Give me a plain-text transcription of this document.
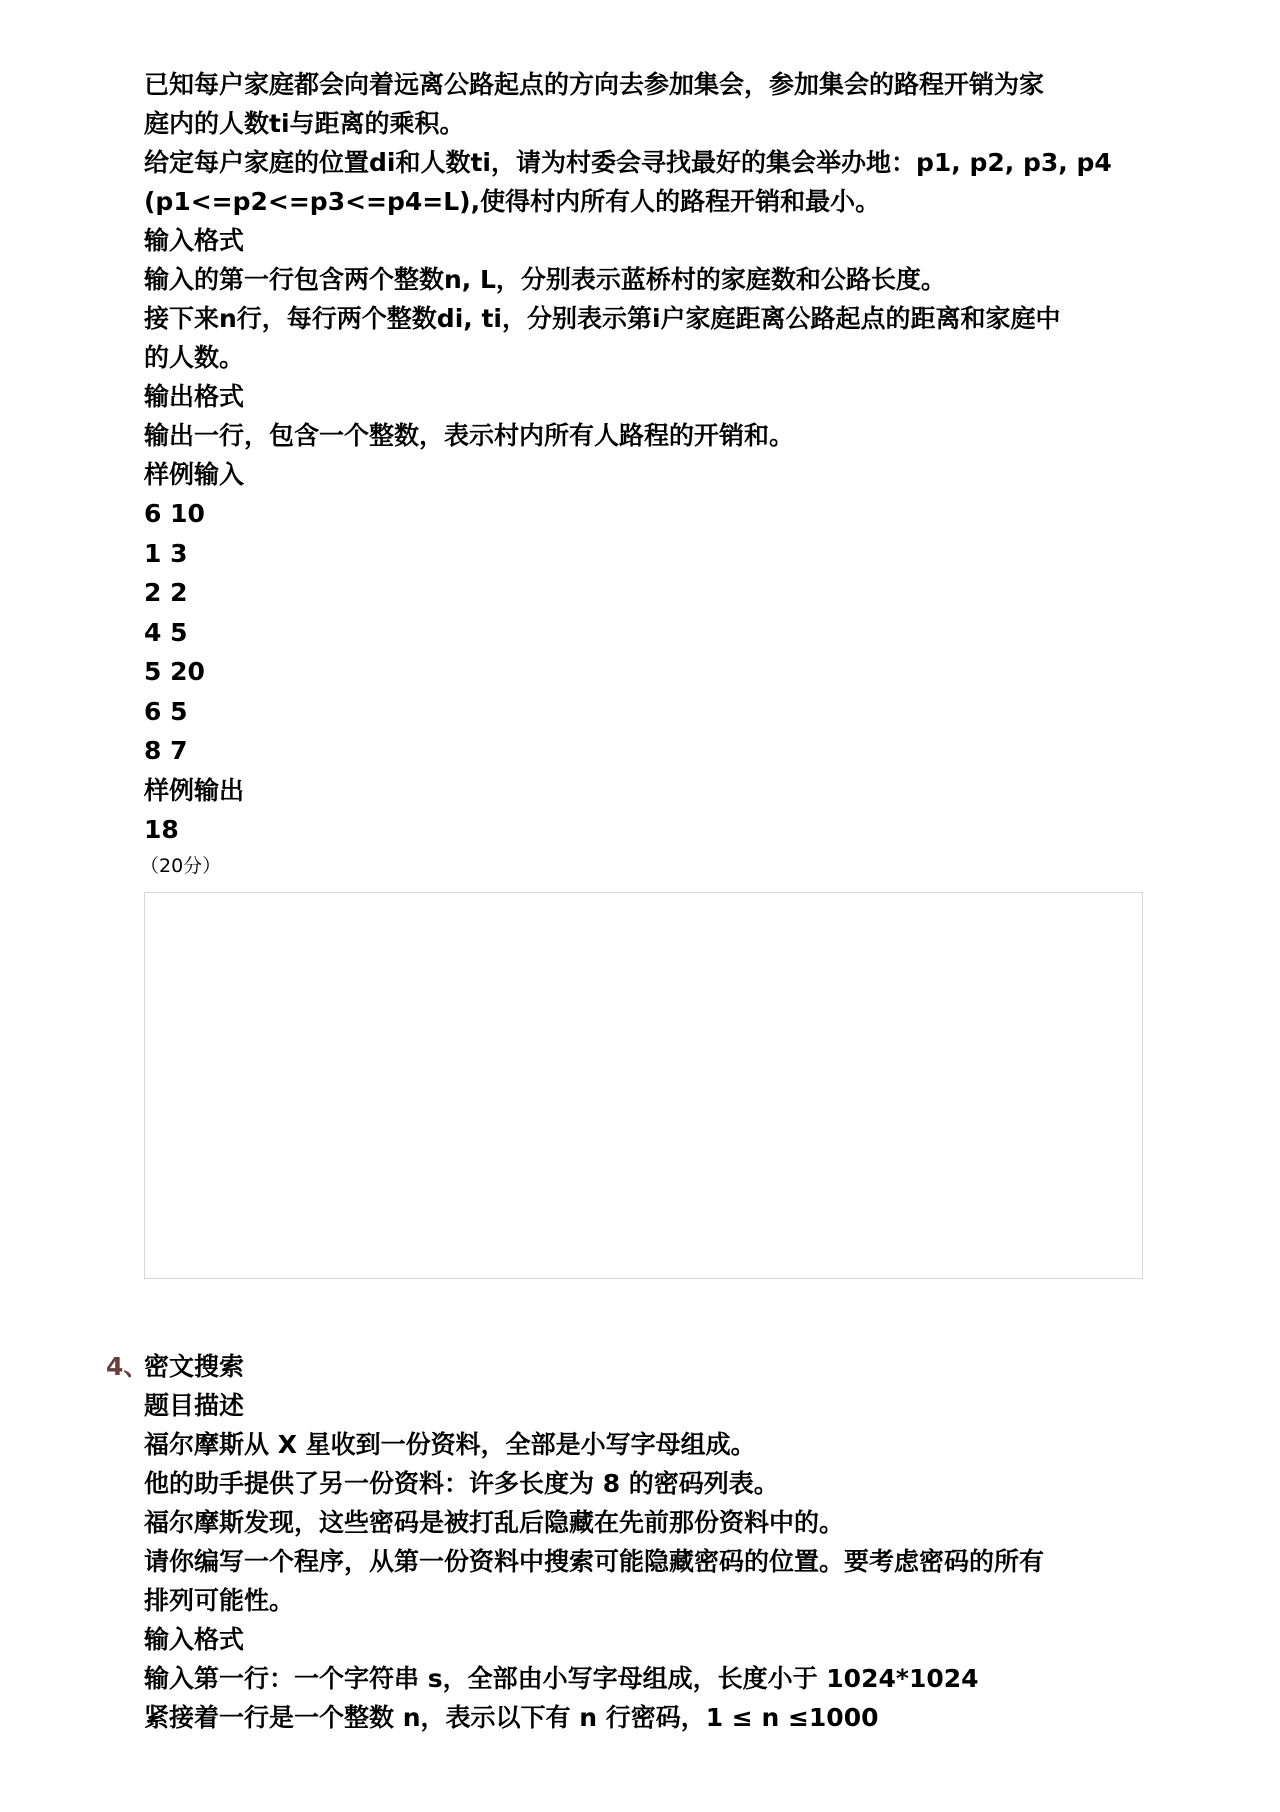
已知每户家庭都会向着远离公路起点的方向去参加集会，参加集会的路程开销为家

庭内的人数ti与距离的乘积。

给定每户家庭的位置di和人数ti，请为村委会寻找最好的集会举办地：p1, p2, p3, p4

(p1<=p2<=p3<=p4=L),使得村内所有人的路程开销和最小。

输入格式

输入的第一行包含两个整数n, L，分别表示蓝桥村的家庭数和公路长度。

接下来n行，每行两个整数di, ti，分别表示第i户家庭距离公路起点的距离和家庭中

的人数。

输出格式

输出一行，包含一个整数，表示村内所有人路程的开销和。

样例输入

6 10

1 3

2 2

4 5

5 20

6 5

8 7

样例输出

18

（20分）

4、

密文搜索

题目描述

福尔摩斯从 X 星收到一份资料，全部是小写字母组成。

他的助手提供了另一份资料：许多长度为 8 的密码列表。

福尔摩斯发现，这些密码是被打乱后隐藏在先前那份资料中的。

请你编写一个程序，从第一份资料中搜索可能隐藏密码的位置。要考虑密码的所有

排列可能性。

输入格式

输入第一行：一个字符串 s，全部由小写字母组成，长度小于 1024*1024

紧接着一行是一个整数 n，表示以下有 n 行密码，1 ≤ n ≤1000
